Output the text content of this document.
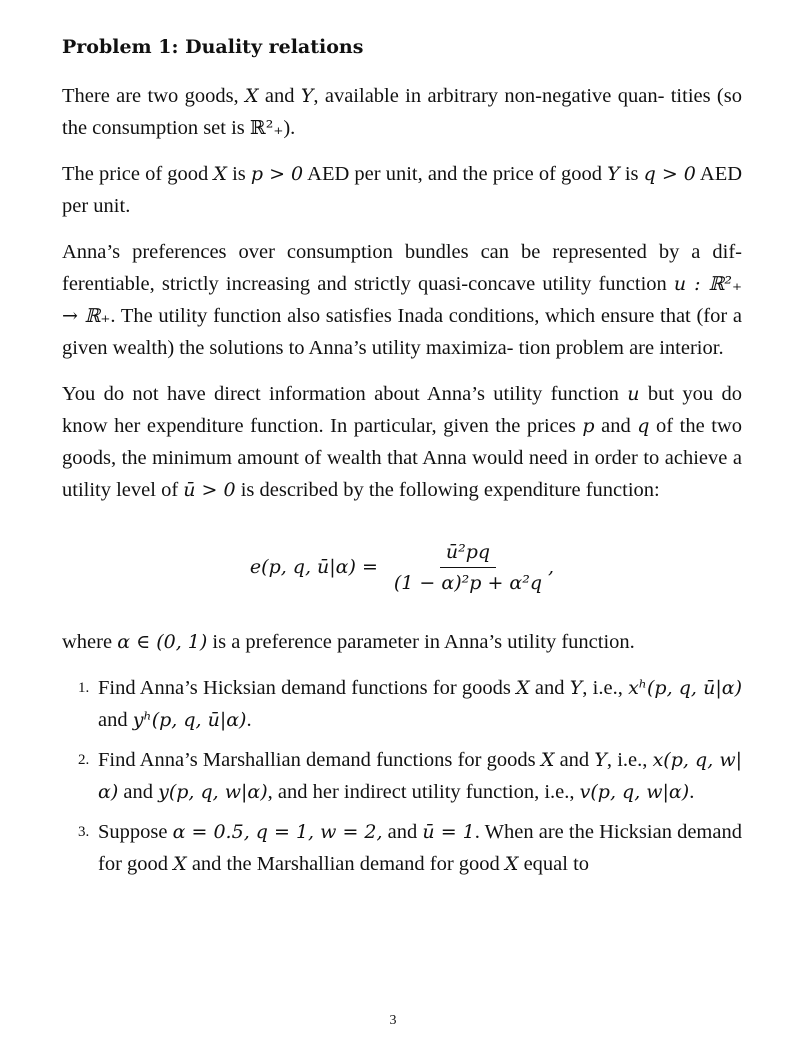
Problem 1: Duality relations

There are two goods, X and Y, available in arbitrary non-negative quan- tities (so the consumption set is ℝ²₊).

The price of good X is p > 0 AED per unit, and the price of good Y is q > 0 AED per unit.

Anna’s preferences over consumption bundles can be represented by a dif- ferentiable, strictly increasing and strictly quasi-concave utility function u : ℝ²₊ → ℝ₊. The utility function also satisfies Inada conditions, which ensure that (for a given wealth) the solutions to Anna’s utility maximiza- tion problem are interior.

You do not have direct information about Anna’s utility function u but you do know her expenditure function. In particular, given the prices p and q of the two goods, the minimum amount of wealth that Anna would need in order to achieve a utility level of ū > 0 is described by the following expenditure function:

e(p, q, ū|α) = $\frac{\text{ū²pq}}{\text{(1 − α)²p + α²q}}$ ,

where α ∈ (0, 1) is a preference parameter in Anna’s utility function.

1. Find Anna’s Hicksian demand functions for goods X and Y, i.e., xʰ(p, q, ū|α) and yʰ(p, q, ū|α).
2. Find Anna’s Marshallian demand functions for goods X and Y, i.e., x(p, q, w|α) and y(p, q, w|α), and her indirect utility function, i.e., v(p, q, w|α).
3. Suppose α = 0.5, q = 1, w = 2, and ū = 1. When are the Hicksian demand for good X and the Marshallian demand for good X equal to
3
